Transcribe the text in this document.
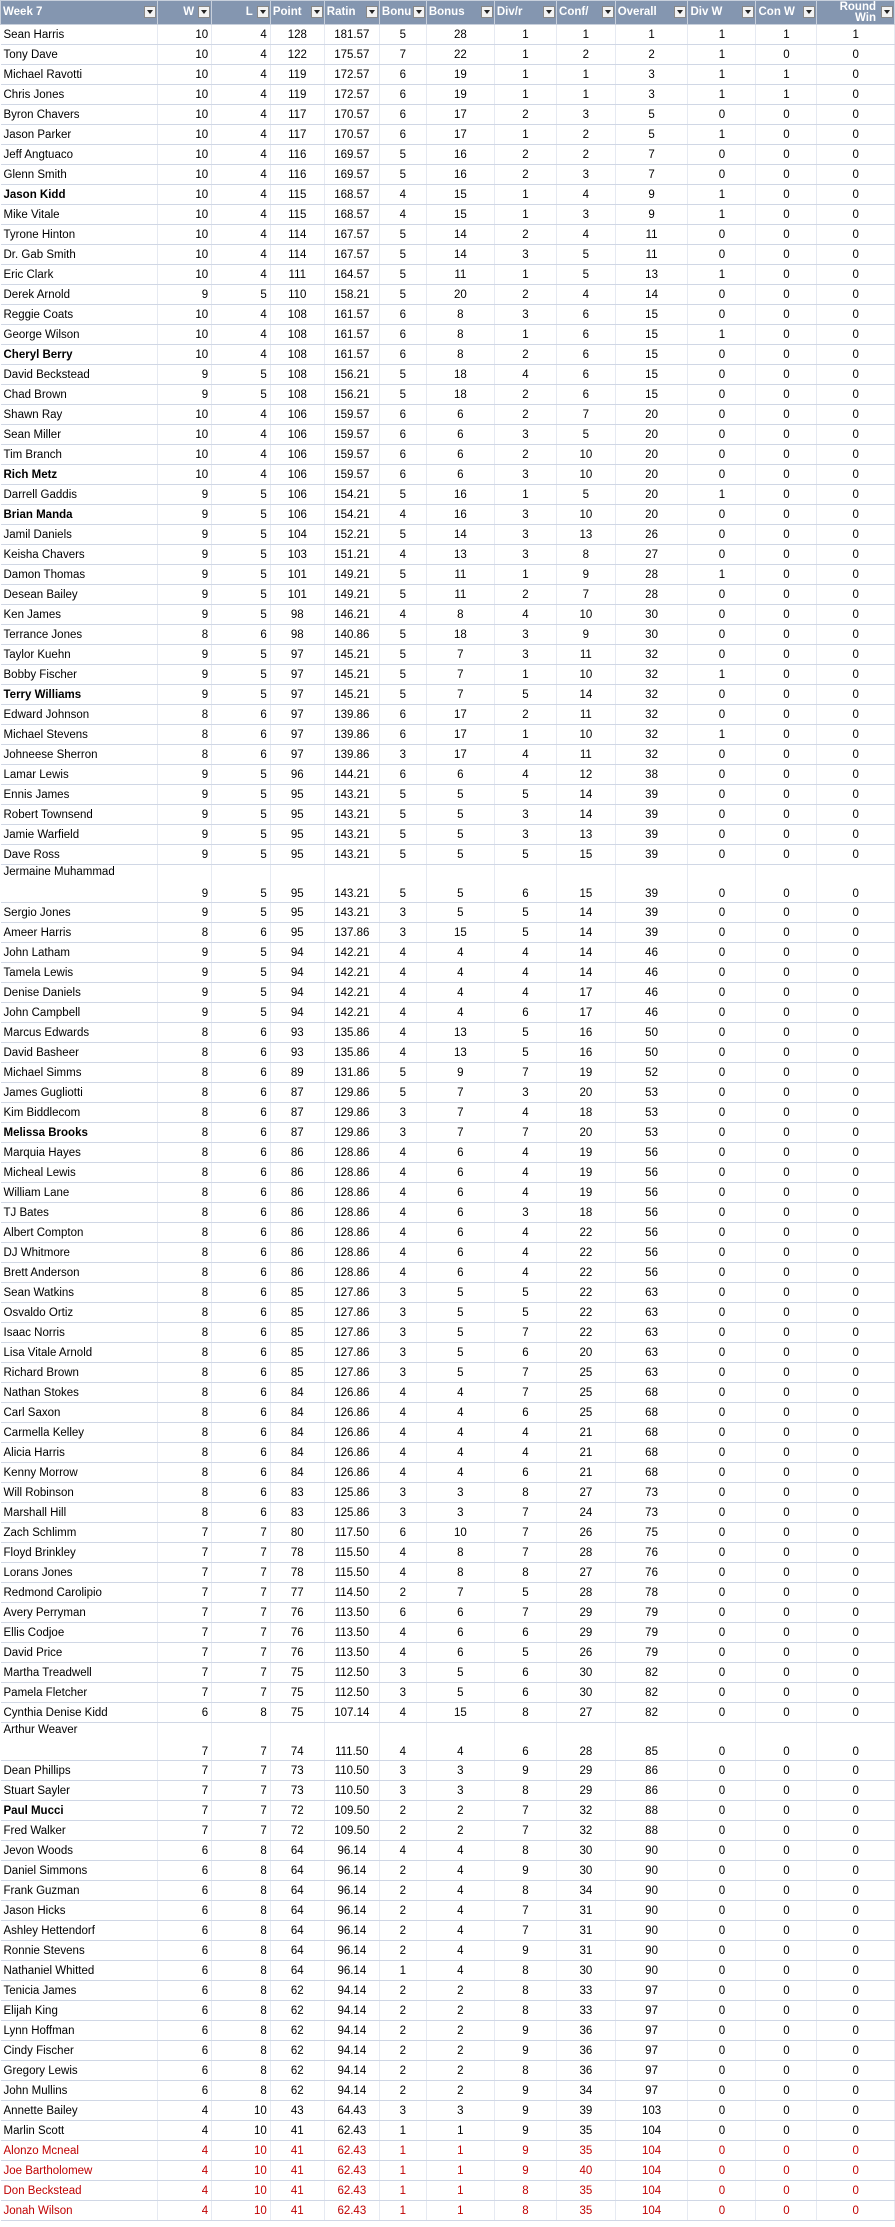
Week 7	W	L	Point	Ratin	Bonu	Bonus	Div/r	Conf/	Overall	Div W	Con W	Round Win

Sean Harris	10	4	128	181.57	5	28	1	1	1	1	1	1
Tony Dave	10	4	122	175.57	7	22	1	2	2	1	0	0
Michael Ravotti	10	4	119	172.57	6	19	1	1	3	1	1	0
Chris Jones	10	4	119	172.57	6	19	1	1	3	1	1	0
Byron Chavers	10	4	117	170.57	6	17	2	3	5	0	0	0
Jason Parker	10	4	117	170.57	6	17	1	2	5	1	0	0
Jeff Angtuaco	10	4	116	169.57	5	16	2	2	7	0	0	0
Glenn Smith	10	4	116	169.57	5	16	2	3	7	0	0	0
Jason Kidd	10	4	115	168.57	4	15	1	4	9	1	0	0
Mike Vitale	10	4	115	168.57	4	15	1	3	9	1	0	0
Tyrone Hinton	10	4	114	167.57	5	14	2	4	11	0	0	0
Dr. Gab Smith	10	4	114	167.57	5	14	3	5	11	0	0	0
Eric Clark	10	4	111	164.57	5	11	1	5	13	1	0	0
Derek Arnold	9	5	110	158.21	5	20	2	4	14	0	0	0
Reggie Coats	10	4	108	161.57	6	8	3	6	15	0	0	0
George Wilson	10	4	108	161.57	6	8	1	6	15	1	0	0
Cheryl Berry	10	4	108	161.57	6	8	2	6	15	0	0	0
David Beckstead	9	5	108	156.21	5	18	4	6	15	0	0	0
Chad Brown	9	5	108	156.21	5	18	2	6	15	0	0	0
Shawn Ray	10	4	106	159.57	6	6	2	7	20	0	0	0
Sean Miller	10	4	106	159.57	6	6	3	5	20	0	0	0
Tim Branch	10	4	106	159.57	6	6	2	10	20	0	0	0
Rich Metz	10	4	106	159.57	6	6	3	10	20	0	0	0
Darrell Gaddis	9	5	106	154.21	5	16	1	5	20	1	0	0
Brian Manda	9	5	106	154.21	4	16	3	10	20	0	0	0
Jamil Daniels	9	5	104	152.21	5	14	3	13	26	0	0	0
Keisha Chavers	9	5	103	151.21	4	13	3	8	27	0	0	0
Damon Thomas	9	5	101	149.21	5	11	1	9	28	1	0	0
Desean Bailey	9	5	101	149.21	5	11	2	7	28	0	0	0
Ken James	9	5	98	146.21	4	8	4	10	30	0	0	0
Terrance Jones	8	6	98	140.86	5	18	3	9	30	0	0	0
Taylor Kuehn	9	5	97	145.21	5	7	3	11	32	0	0	0
Bobby Fischer	9	5	97	145.21	5	7	1	10	32	1	0	0
Terry Williams	9	5	97	145.21	5	7	5	14	32	0	0	0
Edward Johnson	8	6	97	139.86	6	17	2	11	32	0	0	0
Michael Stevens	8	6	97	139.86	6	17	1	10	32	1	0	0
Johneese Sherron	8	6	97	139.86	3	17	4	11	32	0	0	0
Lamar Lewis	9	5	96	144.21	6	6	4	12	38	0	0	0
Ennis James	9	5	95	143.21	5	5	5	14	39	0	0	0
Robert Townsend	9	5	95	143.21	5	5	3	14	39	0	0	0
Jamie Warfield	9	5	95	143.21	5	5	3	13	39	0	0	0
Dave Ross	9	5	95	143.21	5	5	5	15	39	0	0	0
Jermaine Muhammad	9	5	95	143.21	5	5	6	15	39	0	0	0
Sergio Jones	9	5	95	143.21	3	5	5	14	39	0	0	0
Ameer Harris	8	6	95	137.86	3	15	5	14	39	0	0	0
John Latham	9	5	94	142.21	4	4	4	14	46	0	0	0
Tamela Lewis	9	5	94	142.21	4	4	4	14	46	0	0	0
Denise Daniels	9	5	94	142.21	4	4	4	17	46	0	0	0
John Campbell	9	5	94	142.21	4	4	6	17	46	0	0	0
Marcus Edwards	8	6	93	135.86	4	13	5	16	50	0	0	0
David Basheer	8	6	93	135.86	4	13	5	16	50	0	0	0
Michael Simms	8	6	89	131.86	5	9	7	19	52	0	0	0
James Gugliotti	8	6	87	129.86	5	7	3	20	53	0	0	0
Kim Biddlecom	8	6	87	129.86	3	7	4	18	53	0	0	0
Melissa Brooks	8	6	87	129.86	3	7	7	20	53	0	0	0
Marquia Hayes	8	6	86	128.86	4	6	4	19	56	0	0	0
Micheal Lewis	8	6	86	128.86	4	6	4	19	56	0	0	0
William Lane	8	6	86	128.86	4	6	4	19	56	0	0	0
TJ Bates	8	6	86	128.86	4	6	3	18	56	0	0	0
Albert Compton	8	6	86	128.86	4	6	4	22	56	0	0	0
DJ Whitmore	8	6	86	128.86	4	6	4	22	56	0	0	0
Brett Anderson	8	6	86	128.86	4	6	4	22	56	0	0	0
Sean Watkins	8	6	85	127.86	3	5	5	22	63	0	0	0
Osvaldo Ortiz	8	6	85	127.86	3	5	5	22	63	0	0	0
Isaac Norris	8	6	85	127.86	3	5	7	22	63	0	0	0
Lisa Vitale Arnold	8	6	85	127.86	3	5	6	20	63	0	0	0
Richard Brown	8	6	85	127.86	3	5	7	25	63	0	0	0
Nathan Stokes	8	6	84	126.86	4	4	7	25	68	0	0	0
Carl Saxon	8	6	84	126.86	4	4	6	25	68	0	0	0
Carmella Kelley	8	6	84	126.86	4	4	4	21	68	0	0	0
Alicia Harris	8	6	84	126.86	4	4	4	21	68	0	0	0
Kenny Morrow	8	6	84	126.86	4	4	6	21	68	0	0	0
Will Robinson	8	6	83	125.86	3	3	8	27	73	0	0	0
Marshall Hill	8	6	83	125.86	3	3	7	24	73	0	0	0
Zach Schlimm	7	7	80	117.50	6	10	7	26	75	0	0	0
Floyd Brinkley	7	7	78	115.50	4	8	7	28	76	0	0	0
Lorans Jones	7	7	78	115.50	4	8	8	27	76	0	0	0
Redmond Carolipio	7	7	77	114.50	2	7	5	28	78	0	0	0
Avery Perryman	7	7	76	113.50	6	6	7	29	79	0	0	0
Ellis Codjoe	7	7	76	113.50	4	6	6	29	79	0	0	0
David Price	7	7	76	113.50	4	6	5	26	79	0	0	0
Martha Treadwell	7	7	75	112.50	3	5	6	30	82	0	0	0
Pamela Fletcher	7	7	75	112.50	3	5	6	30	82	0	0	0
Cynthia Denise Kidd	6	8	75	107.14	4	15	8	27	82	0	0	0
Arthur Weaver	7	7	74	111.50	4	4	6	28	85	0	0	0
Dean Phillips	7	7	73	110.50	3	3	9	29	86	0	0	0
Stuart Sayler	7	7	73	110.50	3	3	8	29	86	0	0	0
Paul Mucci	7	7	72	109.50	2	2	7	32	88	0	0	0
Fred Walker	7	7	72	109.50	2	2	7	32	88	0	0	0
Jevon Woods	6	8	64	96.14	4	4	8	30	90	0	0	0
Daniel Simmons	6	8	64	96.14	2	4	9	30	90	0	0	0
Frank Guzman	6	8	64	96.14	2	4	8	34	90	0	0	0
Jason Hicks	6	8	64	96.14	2	4	7	31	90	0	0	0
Ashley Hettendorf	6	8	64	96.14	2	4	7	31	90	0	0	0
Ronnie Stevens	6	8	64	96.14	2	4	9	31	90	0	0	0
Nathaniel Whitted	6	8	64	96.14	1	4	8	30	90	0	0	0
Tenicia James	6	8	62	94.14	2	2	8	33	97	0	0	0
Elijah King	6	8	62	94.14	2	2	8	33	97	0	0	0
Lynn Hoffman	6	8	62	94.14	2	2	9	36	97	0	0	0
Cindy Fischer	6	8	62	94.14	2	2	9	36	97	0	0	0
Gregory Lewis	6	8	62	94.14	2	2	8	36	97	0	0	0
John Mullins	6	8	62	94.14	2	2	9	34	97	0	0	0
Annette Bailey	4	10	43	64.43	3	3	9	39	103	0	0	0
Marlin Scott	4	10	41	62.43	1	1	9	35	104	0	0	0
Alonzo Mcneal	4	10	41	62.43	1	1	9	35	104	0	0	0
Joe Bartholomew	4	10	41	62.43	1	1	9	40	104	0	0	0
Don Beckstead	4	10	41	62.43	1	1	8	35	104	0	0	0
Jonah Wilson	4	10	41	62.43	1	1	8	35	104	0	0	0
